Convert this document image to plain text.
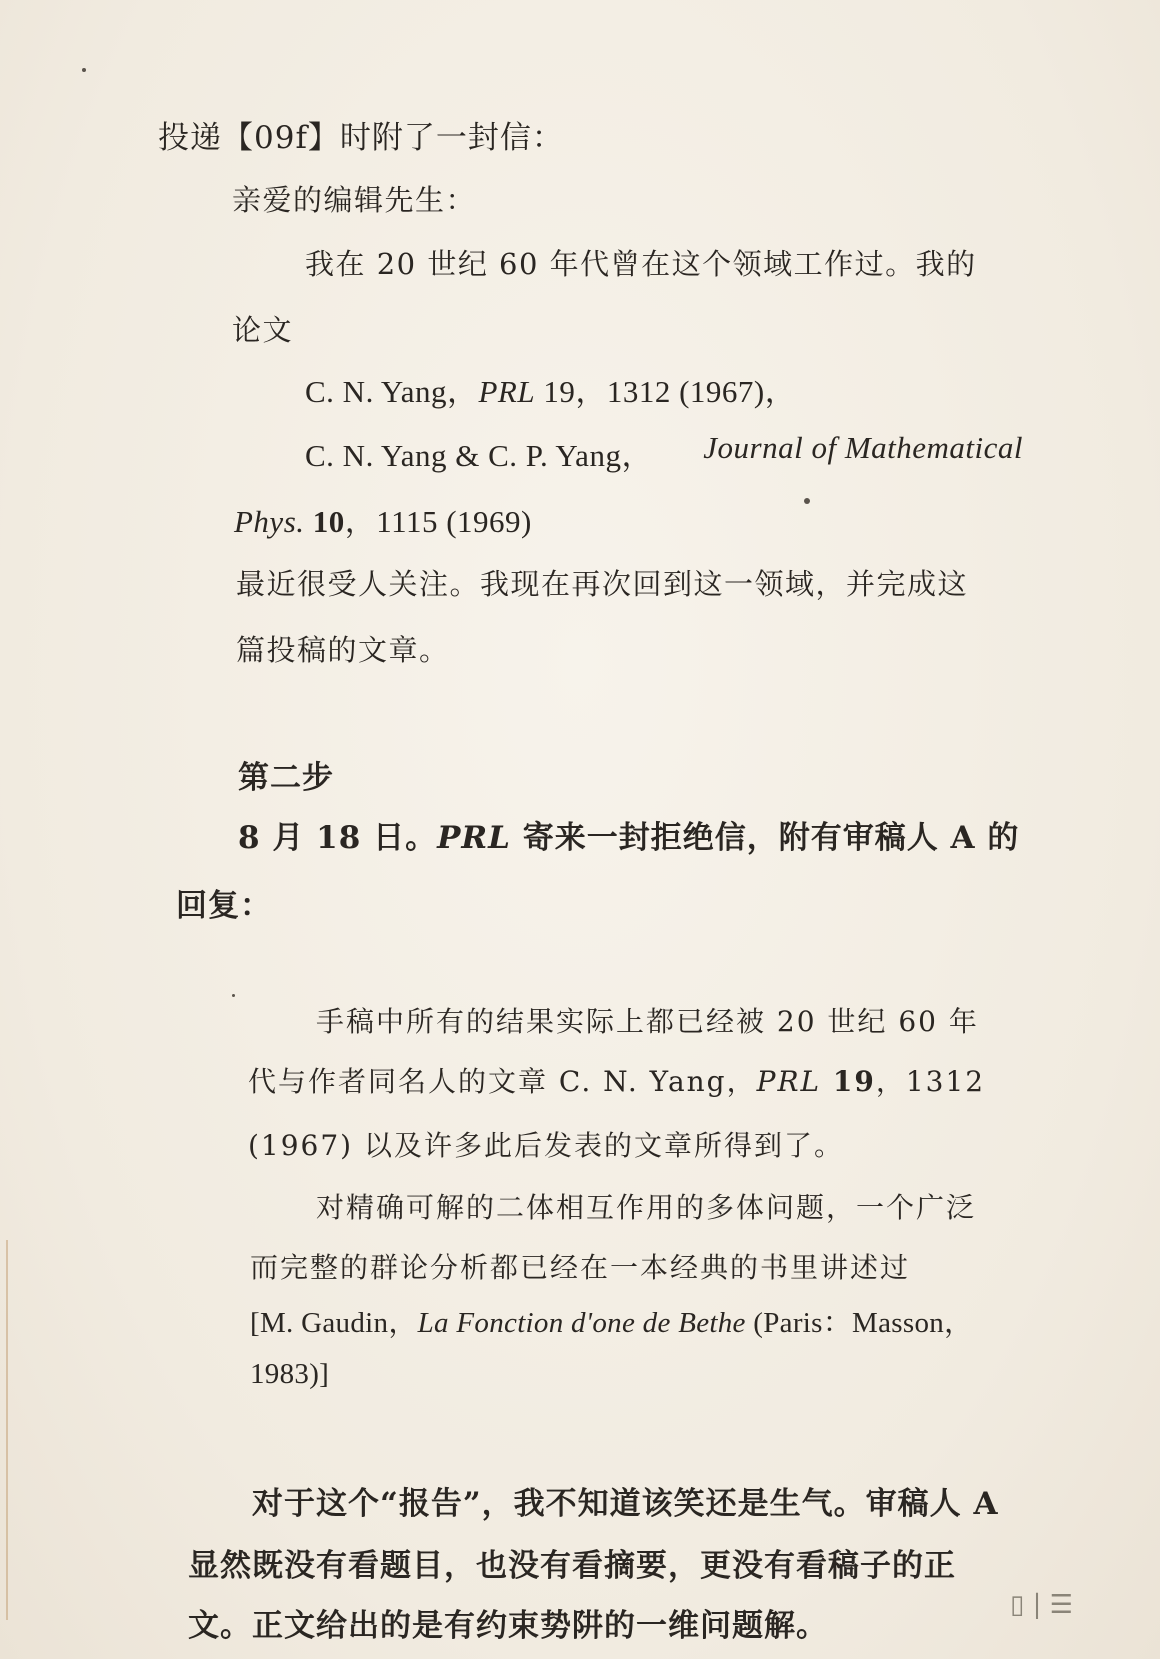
投递【09f】时附了一封信：
亲爱的编辑先生：
我在 20 世纪 60 年代曾在这个领域工作过。我的
论文
C. N. Yang，PRL 19，1312 (1967)，
C. N. Yang & C. P. Yang， Journal of Mathematical
Phys. 10，1115 (1969)
最近很受人关注。我现在再次回到这一领域，并完成这
篇投稿的文章。
第二步
8 月 18 日。PRL 寄来一封拒绝信，附有审稿人 A 的
回复：
手稿中所有的结果实际上都已经被 20 世纪 60 年
代与作者同名人的文章 C. N. Yang，PRL 19，1312
(1967) 以及许多此后发表的文章所得到了。
对精确可解的二体相互作用的多体问题，一个广泛
而完整的群论分析都已经在一本经典的书里讲述过
[M. Gaudin，La Fonction d'one de Bethe (Paris：Masson，
1983)]
对于这个“报告”，我不知道该笑还是生气。审稿人 A
显然既没有看题目，也没有看摘要，更没有看稿子的正
文。正文给出的是有约束势阱的一维问题解。
▯ | ☰
